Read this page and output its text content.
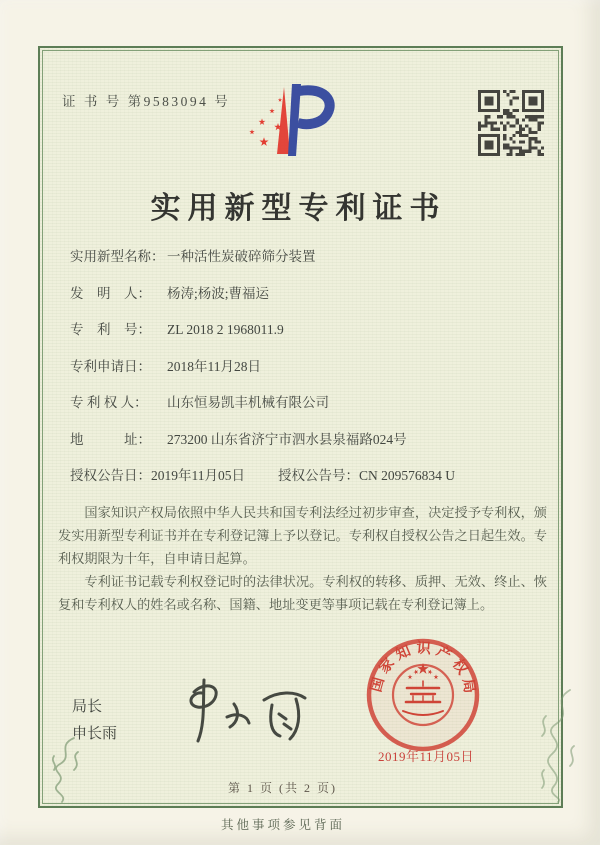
证 书 号 第9583094 号
实用新型专利证书
实用新型名称： 一种活性炭破碎筛分装置
发　明　人： 杨涛;杨波;曹福运
专　利　号： ZL 2018 2 1968011.9
专利申请日： 2018年11月28日
专 利 权 人： 山东恒易凯丰机械有限公司
地　　　址： 273200 山东省济宁市泗水县泉福路024号
授权公告日：2019年11月05日 授权公告号：CN 209576834 U

国家知识产权局依照中华人民共和国专利法经过初步审查，决定授予专利权，颁发实用新型专利证书并在专利登记簿上予以登记。专利权自授权公告之日起生效。专利权期限为十年，自申请日起算。

专利证书记载专利权登记时的法律状况。专利权的转移、质押、无效、终止、恢复和专利权人的姓名或名称、国籍、地址变更等事项记载在专利登记簿上。

局长
申长雨
国家知识产权局
2019年11月05日
第 1 页 (共 2 页)
其他事项参见背面
